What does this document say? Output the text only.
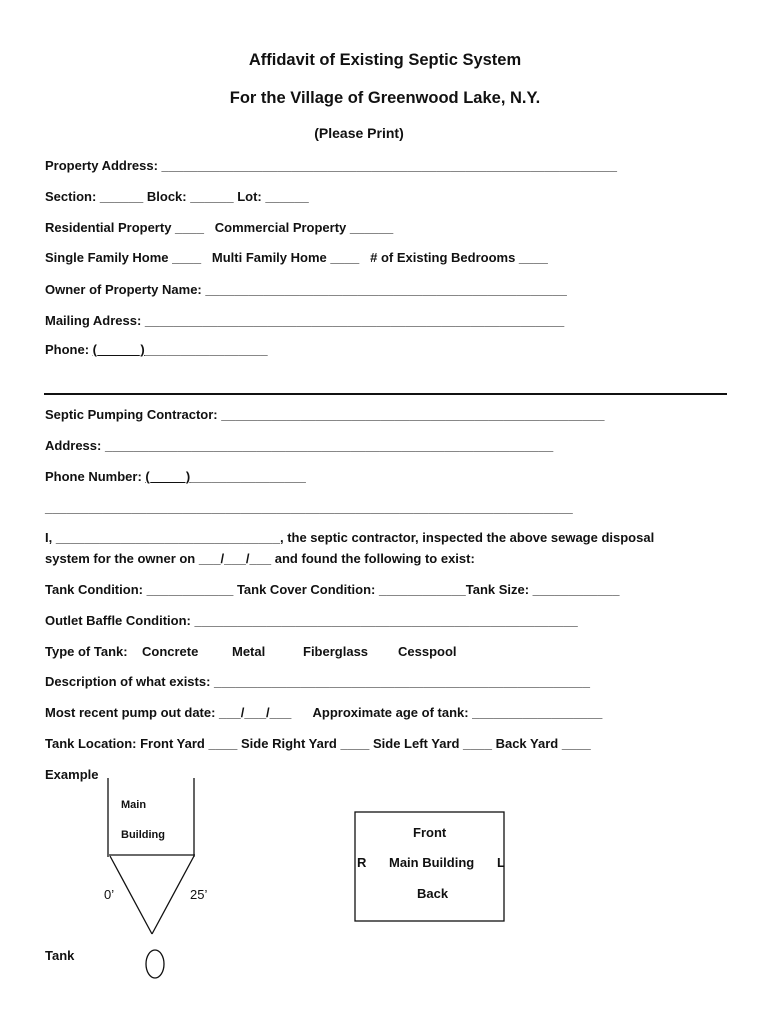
Affidavit of Existing Septic System
For the Village of Greenwood Lake, N.Y.
(Please Print)
Property Address: _______________________________________________________________
Section: ______ Block: ______ Lot: ______
Residential Property ____   Commercial Property ______
Single Family Home ____   Multi Family Home ____   # of Existing Bedrooms ____
Owner of Property Name: __________________________________________________
Mailing Adress: __________________________________________________________
Phone: (______)_________________
Septic Pumping Contractor: _____________________________________________________
Address: ______________________________________________________________
Phone Number: (_____)________________
_________________________________________________________________________
I, _______________________________, the septic contractor, inspected the above sewage disposal
system for the owner on ___/___/___ and found the following to exist:
Tank Condition: ____________ Tank Cover Condition: ____________Tank Size: ____________
Outlet Baffle Condition: _____________________________________________________
Type of Tank: Concrete	Metal	Fiberglass Cesspool
Description of what exists: ____________________________________________________
Most recent pump out date: ___/___/___      Approximate age of tank: __________________
Tank Location: Front Yard ____ Side Right Yard ____ Side Left Yard ____ Back Yard ____
Example
Main
Building
0’	25’
Tank
Front
R Main Building L
Back
